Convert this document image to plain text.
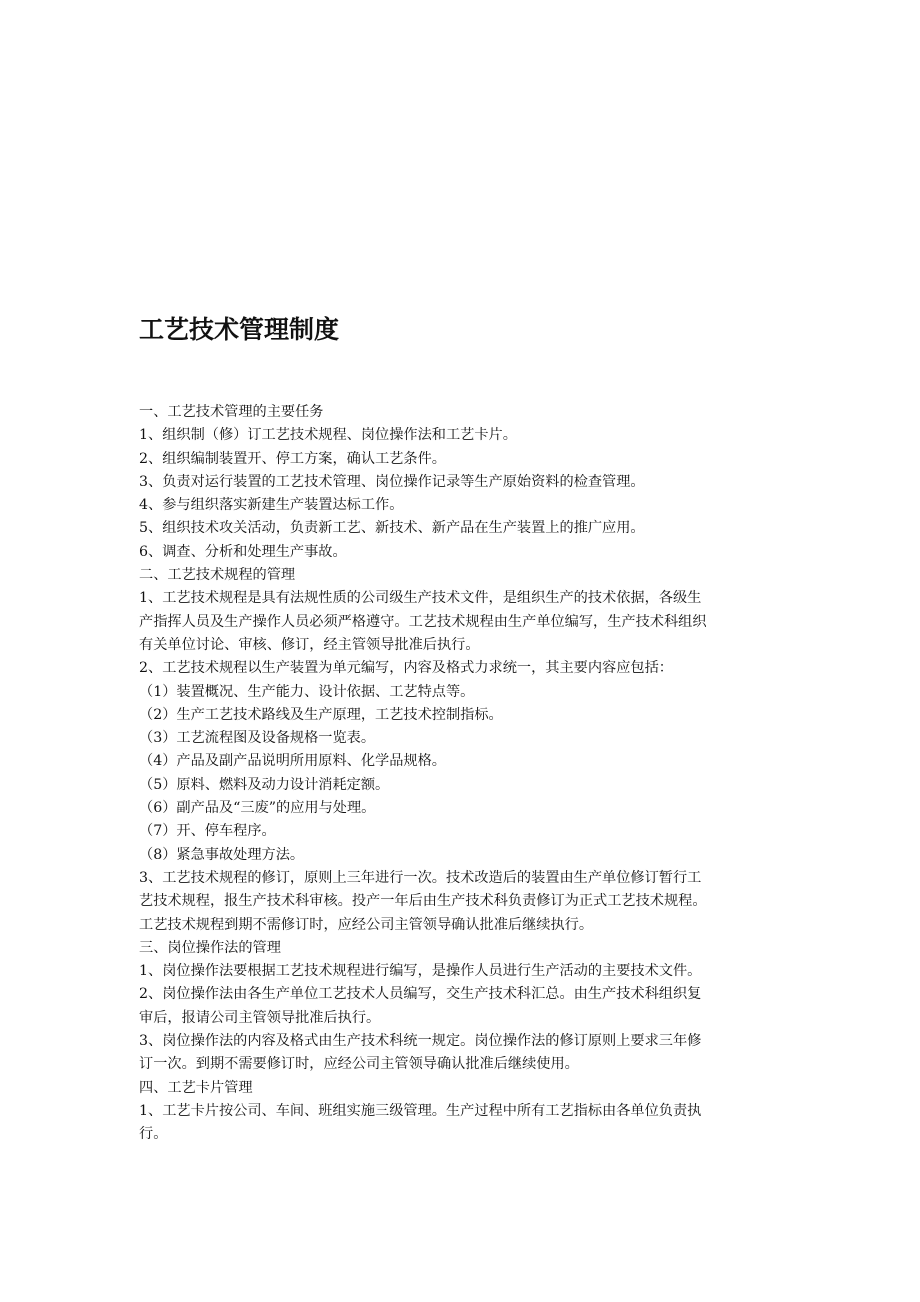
工艺技术管理制度
一、工艺技术管理的主要任务
1、组织制（修）订工艺技术规程、岗位操作法和工艺卡片。
2、组织编制装置开、停工方案，确认工艺条件。
3、负责对运行装置的工艺技术管理、岗位操作记录等生产原始资料的检查管理。
4、参与组织落实新建生产装置达标工作。
5、组织技术攻关活动，负责新工艺、新技术、新产品在生产装置上的推广应用。
6、调查、分析和处理生产事故。
二、工艺技术规程的管理
1、工艺技术规程是具有法规性质的公司级生产技术文件，是组织生产的技术依据，各级生
产指挥人员及生产操作人员必须严格遵守。工艺技术规程由生产单位编写，生产技术科组织
有关单位讨论、审核、修订，经主管领导批准后执行。
2、工艺技术规程以生产装置为单元编写，内容及格式力求统一，其主要内容应包括：
（1）装置概况、生产能力、设计依据、工艺特点等。
（2）生产工艺技术路线及生产原理，工艺技术控制指标。
（3）工艺流程图及设备规格一览表。
（4）产品及副产品说明所用原料、化学品规格。
（5）原料、燃料及动力设计消耗定额。
（6）副产品及“三废”的应用与处理。
（7）开、停车程序。
（8）紧急事故处理方法。
3、工艺技术规程的修订，原则上三年进行一次。技术改造后的装置由生产单位修订暂行工
艺技术规程，报生产技术科审核。投产一年后由生产技术科负责修订为正式工艺技术规程。
工艺技术规程到期不需修订时，应经公司主管领导确认批准后继续执行。
三、岗位操作法的管理
1、岗位操作法要根据工艺技术规程进行编写，是操作人员进行生产活动的主要技术文件。
2、岗位操作法由各生产单位工艺技术人员编写，交生产技术科汇总。由生产技术科组织复
审后，报请公司主管领导批准后执行。
3、岗位操作法的内容及格式由生产技术科统一规定。岗位操作法的修订原则上要求三年修
订一次。到期不需要修订时，应经公司主管领导确认批准后继续使用。
四、工艺卡片管理
1、工艺卡片按公司、车间、班组实施三级管理。生产过程中所有工艺指标由各单位负责执
行。
